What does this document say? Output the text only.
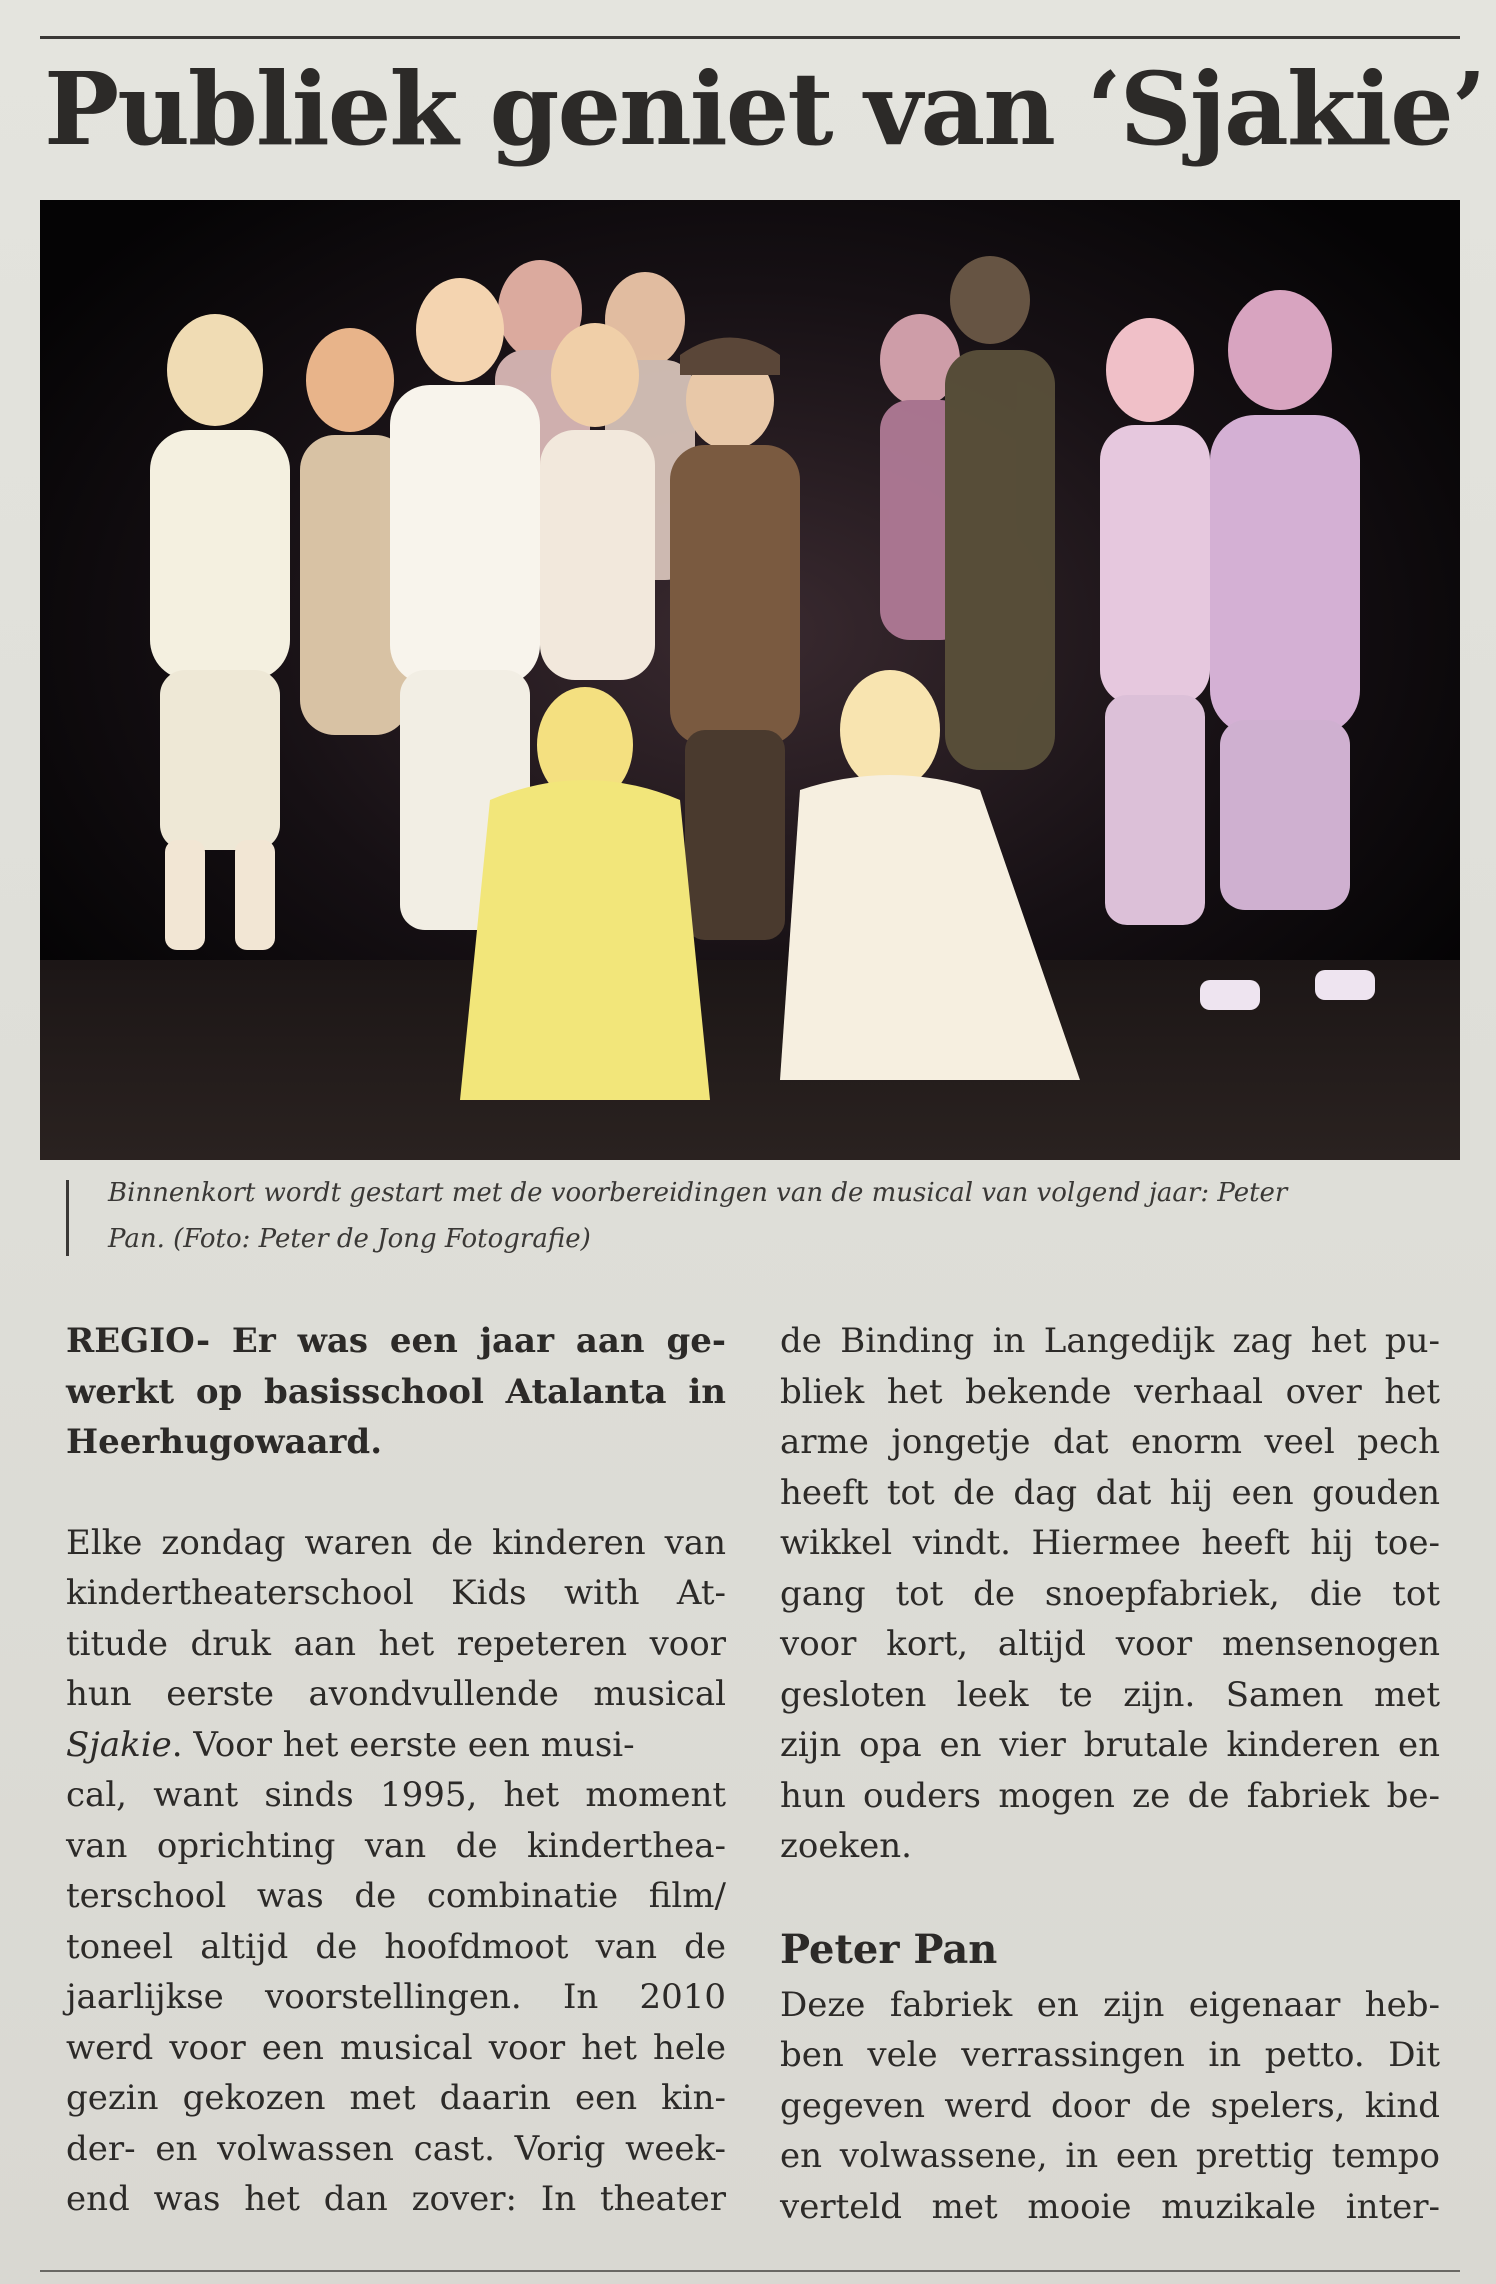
Publiek geniet van ‘Sjakie’

Binnenkort wordt gestart met de voorbereidingen van de musical van volgend jaar: Peter
Pan. (Foto: Peter de Jong Fotografie)

REGIO- Er was een jaar aan ge-
werkt op basisschool Atalanta in
Heerhugowaard.
Elke zondag waren de kinderen van
kindertheaterschool Kids with At-
titude druk aan het repeteren voor
hun eerste avondvullende musical
Sjakie. Voor het eerste een musi-
cal, want sinds 1995, het moment
van oprichting van de kinderthea-
terschool was de combinatie film/
toneel altijd de hoofdmoot van de
jaarlijkse voorstellingen. In 2010
werd voor een musical voor het hele
gezin gekozen met daarin een kin-
der- en volwassen cast. Vorig week-
end was het dan zover: In theater
de Binding in Langedijk zag het pu-
bliek het bekende verhaal over het
arme jongetje dat enorm veel pech
heeft tot de dag dat hij een gouden
wikkel vindt. Hiermee heeft hij toe-
gang tot de snoepfabriek, die tot
voor kort, altijd voor mensenogen
gesloten leek te zijn. Samen met
zijn opa en vier brutale kinderen en
hun ouders mogen ze de fabriek be-
zoeken.
Peter Pan
Deze fabriek en zijn eigenaar heb-
ben vele verrassingen in petto. Dit
gegeven werd door de spelers, kind
en volwassene, in een prettig tempo
verteld met mooie muzikale inter-
